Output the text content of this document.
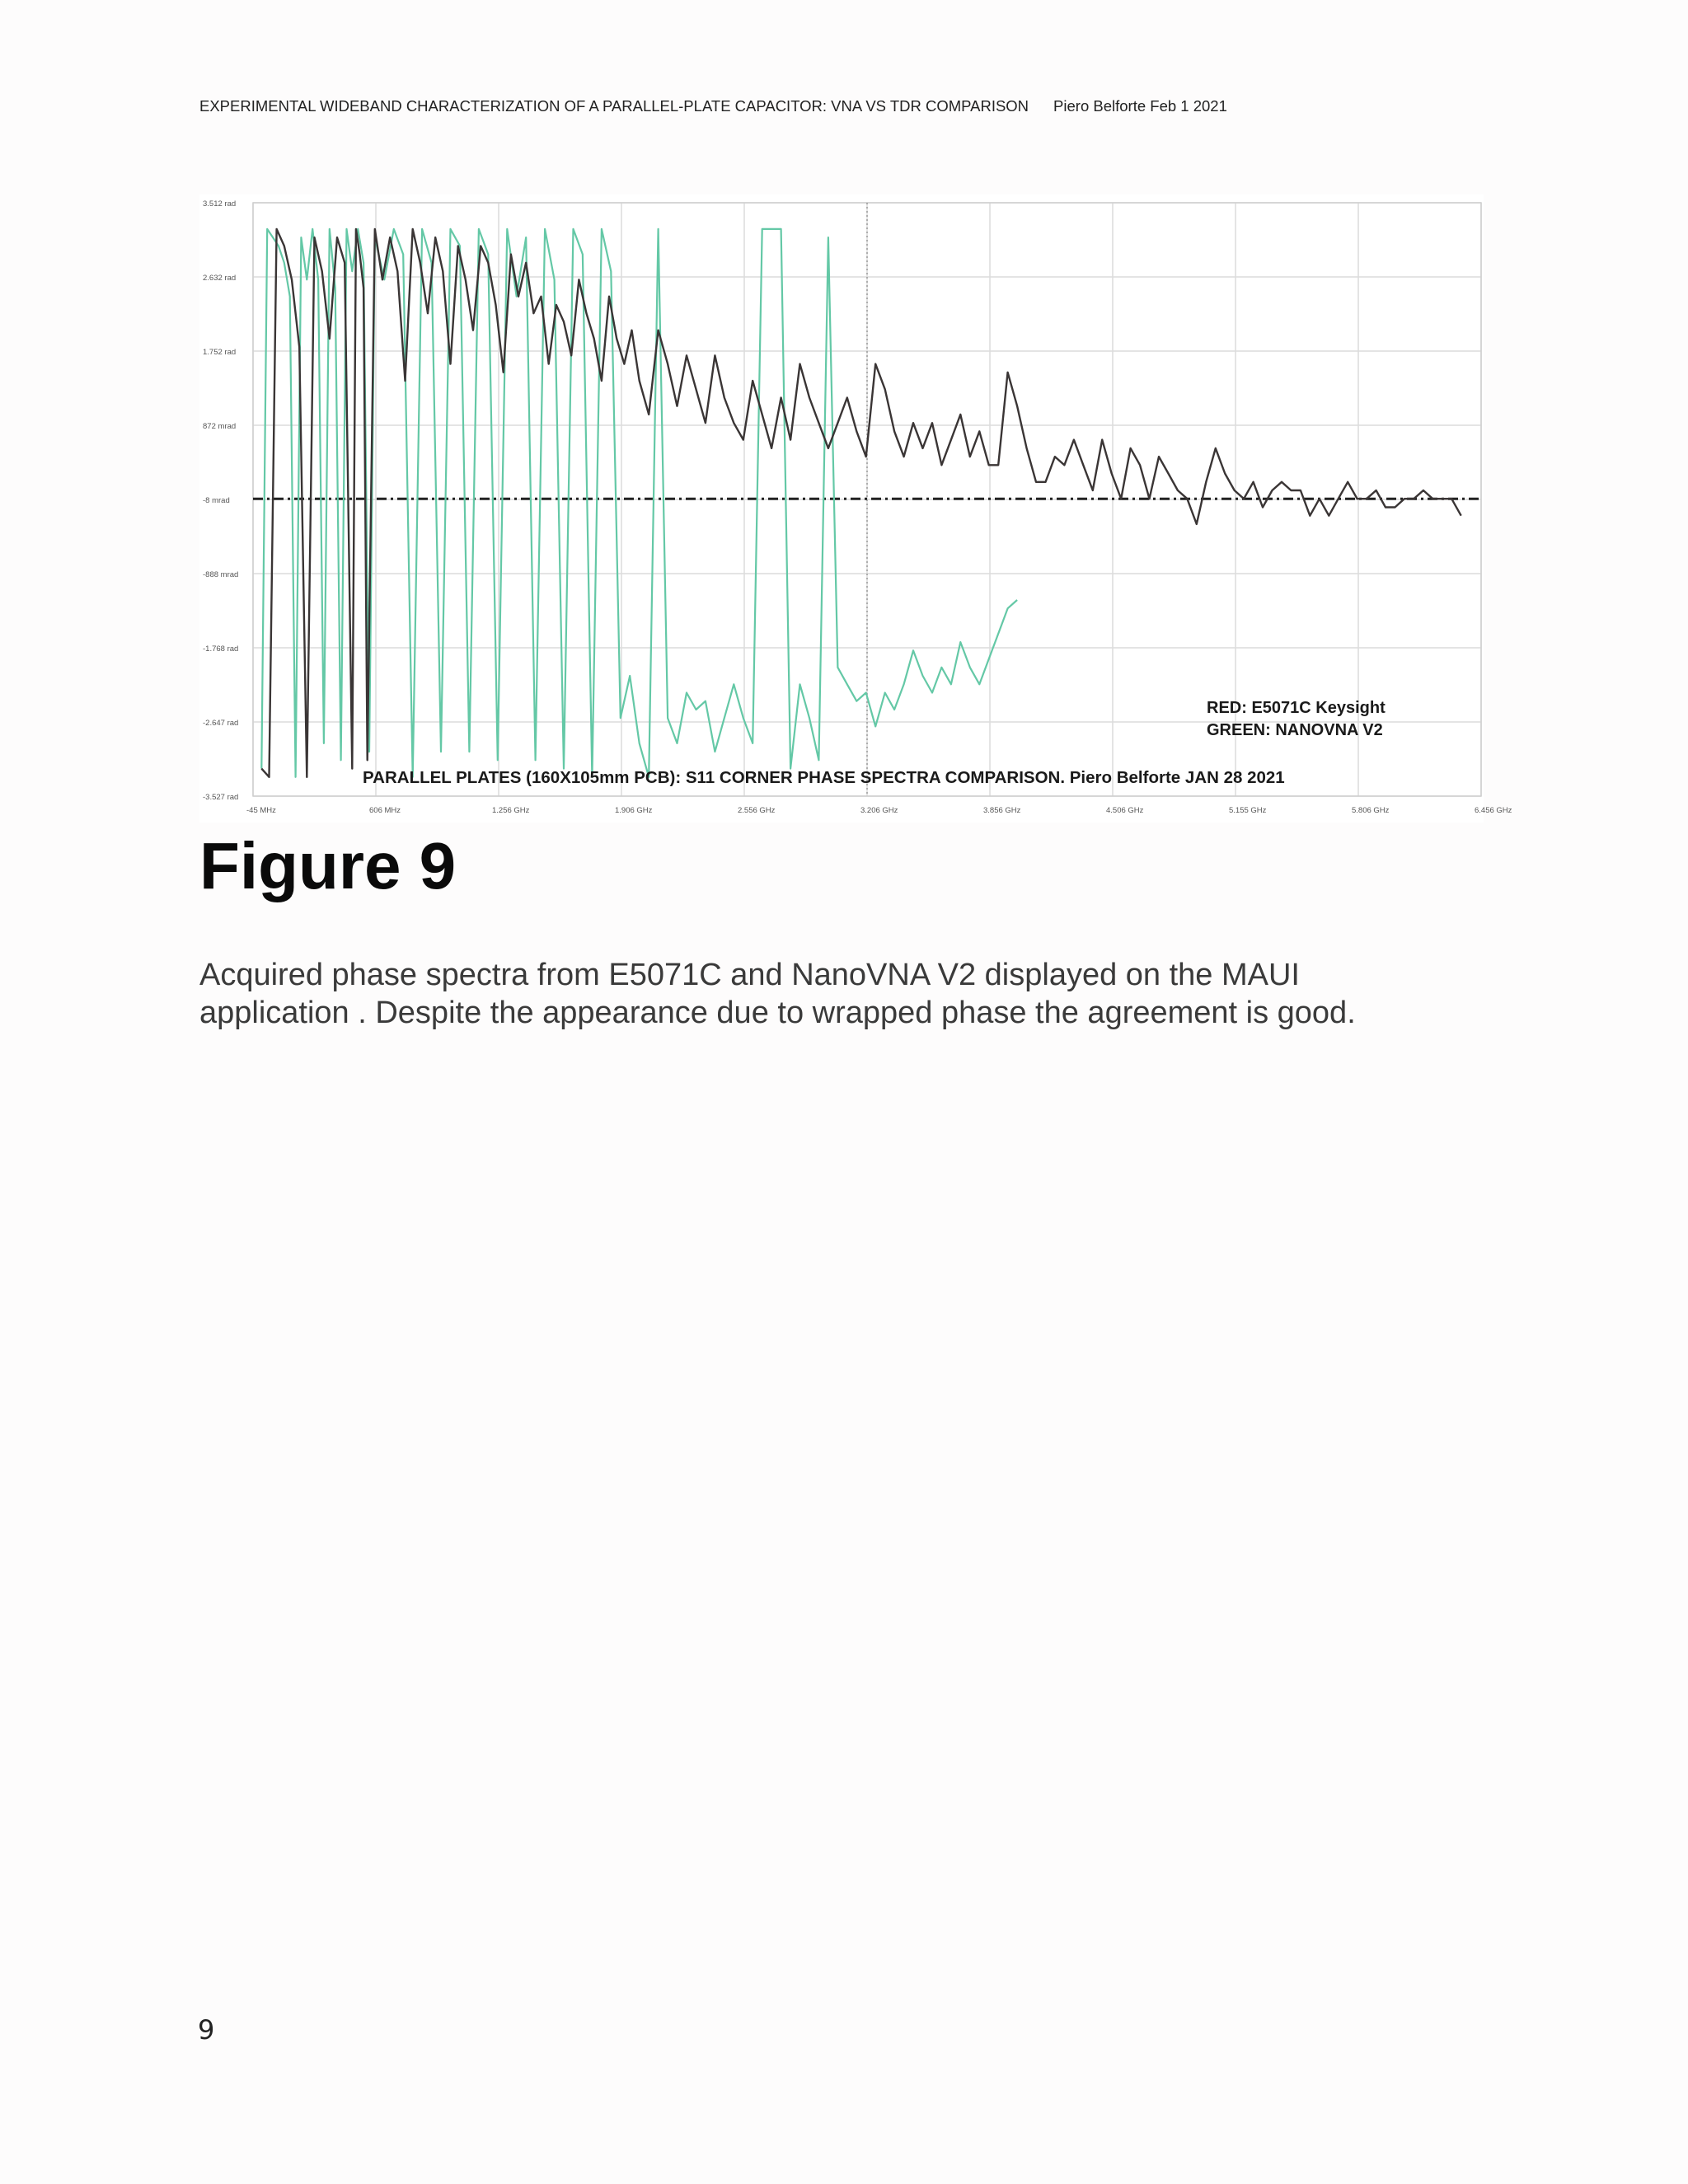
EXPERIMENTAL WIDEBAND CHARACTERIZATION OF A PARALLEL-PLATE CAPACITOR: VNA VS TDR COMPARISON Piero Belforte Feb 1 2021
3.512 rad
2.632 rad
1.752 rad
872 mrad
-8 mrad
-888 mrad
-1.768 rad
-2.647 rad
-3.527 rad
-45 MHz	606 MHz	1.256 GHz	1.906 GHz	2.556 GHz	3.206 GHz	3.856 GHz	4.506 GHz	5.155 GHz	5.806 GHz	6.456 GHz
PARALLEL PLATES (160X105mm PCB): S11 CORNER PHASE SPECTRA COMPARISON. Piero Belforte JAN 28 2021
RED: E5071C Keysight
GREEN: NANOVNA V2
Figure 9
Acquired phase spectra from E5071C and NanoVNA V2 displayed on the MAUI
application . Despite the appearance due to wrapped phase the agreement is good.
9
